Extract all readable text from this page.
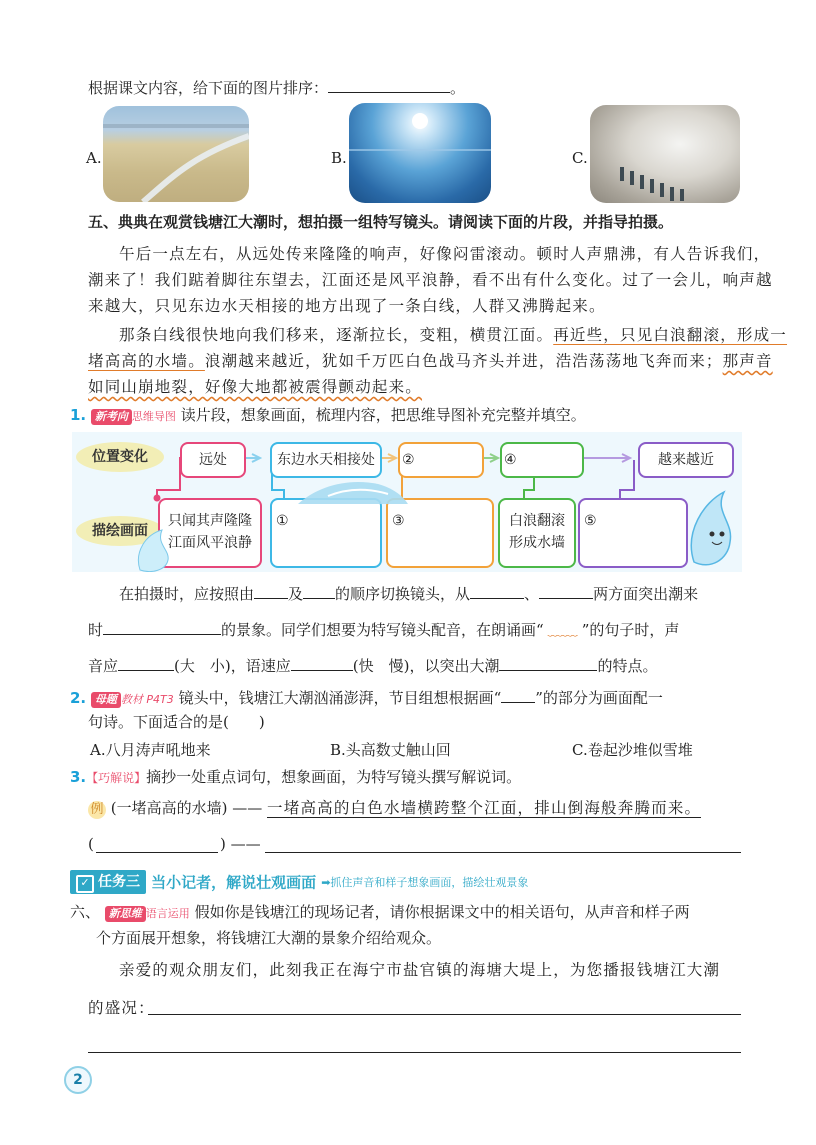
根据课文内容，给下面的图片排序：	。
A.	B.	C.
五、典典在观赏钱塘江大潮时，想拍摄一组特写镜头。请阅读下面的片段，并指导拍摄。
午后一点左右，从远处传来隆隆的响声，好像闷雷滚动。顿时人声鼎沸，有人告诉我们，
潮来了！我们踮着脚往东望去，江面还是风平浪静，看不出有什么变化。过了一会儿，响声越
来越大，只见东边水天相接的地方出现了一条白线，人群又沸腾起来。
那条白线很快地向我们移来，逐渐拉长，变粗，横贯江面。再近些，只见白浪翻滚，形成一
堵高高的水墙。浪潮越来越近，犹如千万匹白色战马齐头并进，浩浩荡荡地飞奔而来；那声音
如同山崩地裂，好像大地都被震得颤动起来。
1. 新考向 思维导图 读片段，想象画面，梳理内容，把思维导图补充完整并填空。
位置变化
描绘画面
远处	东边水天相接处	②	④	越来越近
只闻其声隆隆
江面风平浪静
①	③	白浪翻滚
形成水墙
⑤
在拍摄时，应按照由 及 的顺序切换镜头，从	、	两方面突出潮来
时	的景象。同学们想要为特写镜头配音，在朗诵画“ ﹏﹏ ”的句子时，声
音应	(大　小)，语速应	(快　慢)，以突出大潮	的特点。
2. 母题 教材 P4T3 镜头中，钱塘江大潮汹涌澎湃，节目组想根据画“ ”的部分为画面配一
句诗。下面适合的是(　　)
A.八月涛声吼地来	B.头高数丈触山回	C.卷起沙堆似雪堆
3.【巧解说】摘抄一处重点词句，想象画面，为特写镜头撰写解说词。
例 (一堵高高的水墙) —— 一堵高高的白色水墙横跨整个江面，排山倒海般奔腾而来。
(	) ——
✓ 任务三 当小记者，解说壮观画面 ➡抓住声音和样子想象画面，描绘壮观景象
六、 新思维 语言运用 假如你是钱塘江的现场记者，请你根据课文中的相关语句，从声音和样子两
个方面展开想象，将钱塘江大潮的景象介绍给观众。
亲爱的观众朋友们，此刻我正在海宁市盐官镇的海塘大堤上，为您播报钱塘江大潮
的盛况：
2
